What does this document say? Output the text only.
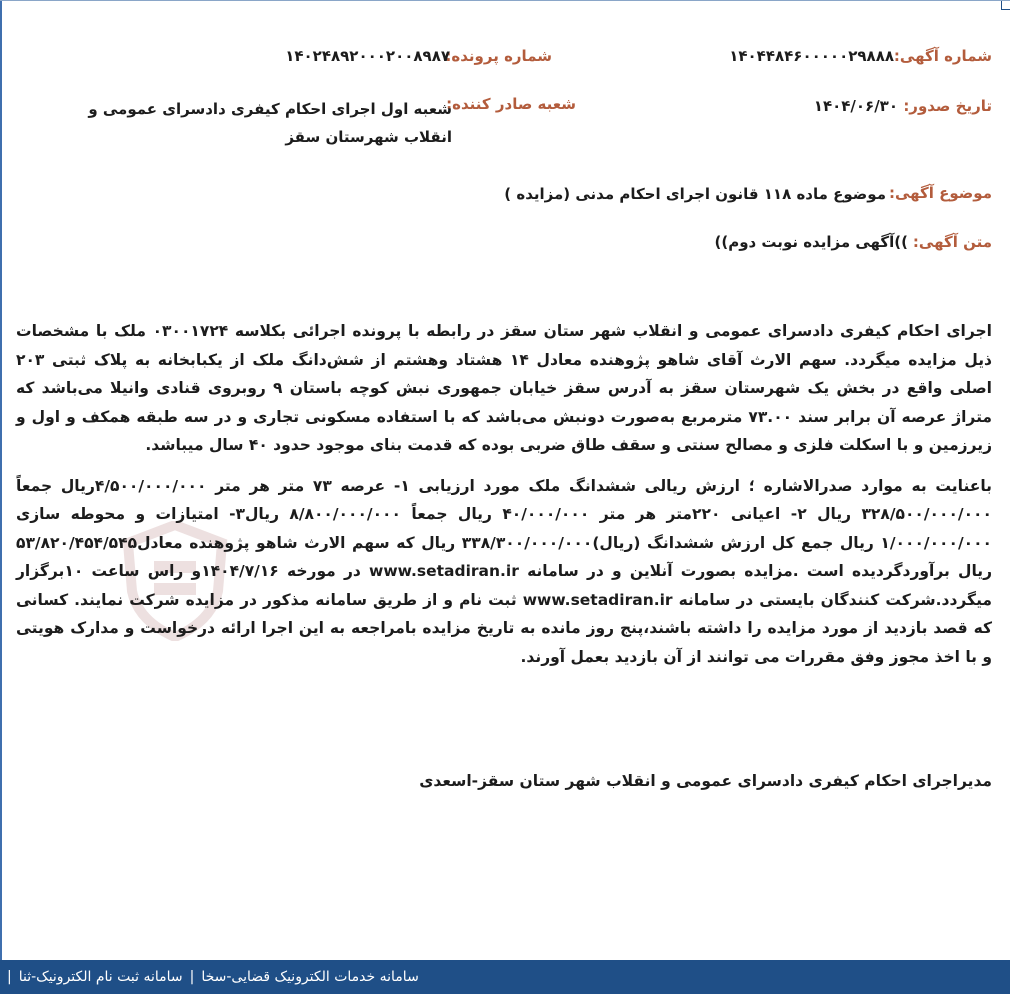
شماره آگهی:
۱۴۰۴۴۸۴۶۰۰۰۰۰۲۹۸۸۸
شماره پرونده:
۱۴۰۲۴۸۹۲۰۰۰۲۰۰۸۹۸۷
تاریخ صدور:
۱۴۰۴/۰۶/۳۰
شعبه صادر کننده:
شعبه اول اجرای احکام کیفری دادسرای عمومی و انقلاب شهرستان سقز
موضوع آگهی:
موضوع ماده ۱۱۸ قانون اجرای احکام مدنی (مزایده )
متن آگهی:
))آگهی مزایده نوبت دوم))

اجرای احکام کیفری دادسرای عمومی و انقلاب شهر ستان سقز در رابطه با پرونده اجرائی بکلاسه ۰۳۰۰۱۷۲۴ ملک با مشخصات ذیل مزایده میگردد. سهم الارث آقای شاهو پژوهنده معادل ۱۴ هشتاد وهشتم از شش‌دانگ ملک از یکبابخانه به پلاک ثبتی ۲۰۳ اصلی واقع در بخش یک شهرستان سقز به آدرس سقز خیابان جمهوری نبش کوچه باستان ۹ روبروی قنادی وانیلا می‌باشد که متراژ عرصه آن برابر سند ۷۳.۰۰ مترمربع به‌صورت دونبش می‌باشد که با استفاده مسکونی تجاری و در سه طبقه همکف و اول و زیرزمین و با اسکلت فلزی و مصالح سنتی و سقف طاق ضربی بوده که قدمت بنای موجود حدود ۴۰ سال میباشد.

باعنایت به موارد صدرالاشاره ؛ ارزش ریالی ششدانگ ملک مورد ارزیابی ۱- عرصه ۷۳ متر هر متر ۴/۵۰۰/۰۰۰/۰۰۰ریال جمعاً ۳۲۸/۵۰۰/۰۰۰/۰۰۰ ریال ۲- اعیانی ۲۲۰متر هر متر ۴۰/۰۰۰/۰۰۰ ریال جمعاً ۸/۸۰۰/۰۰۰/۰۰۰ ریال۳- امتیازات و محوطه سازی ۱/۰۰۰/۰۰۰/۰۰۰ ریال جمع کل ارزش ششدانگ (ریال)۳۳۸/۳۰۰/۰۰۰/۰۰۰ ریال که سهم الارث شاهو پژوهنده معادل۵۳/۸۲۰/۴۵۴/۵۴۵ ریال برآوردگردیده است .مزایده بصورت آنلاین و در سامانه www.setadiran.ir در مورخه ۱۴۰۴/۷/۱۶و راس ساعت ۱۰برگزار میگردد.شرکت کنندگان بایستی در سامانه www.setadiran.ir ثبت نام و از طریق سامانه مذکور در مزایده شرکت نمایند. کسانی که قصد بازدید از مورد مزایده را داشته باشند،پنج روز مانده به تاریخ مزایده بامراجعه به این اجرا ارائه درخواست و مدارک هویتی و با اخذ مجوز وفق مقررات می توانند از آن بازدید بعمل آورند.

مدیراجرای احکام کیفری دادسرای عمومی و انقلاب شهر ستان سقز-اسعدی
سامانه خدمات الکترونیک قضایی-سخا
|
سامانه ثبت نام الکترونیک-ثنا
|
